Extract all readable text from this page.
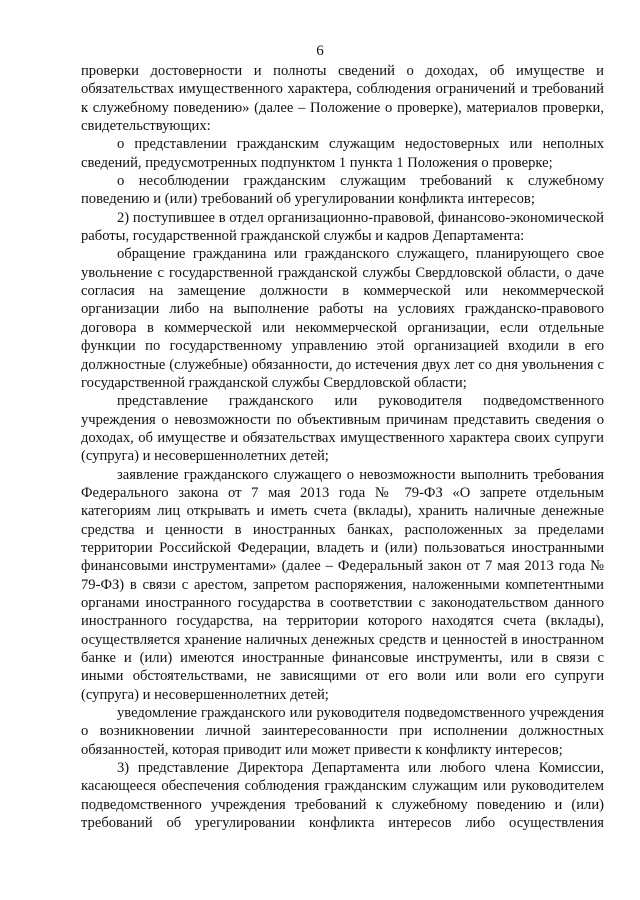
6

проверки достоверности и полноты сведений о доходах, об имуществе и обязательствах имущественного характера, соблюдения ограничений и требований к служебному поведению» (далее – Положение о проверке), материалов проверки, свидетельствующих:

о представлении гражданским служащим недостоверных или неполных сведений, предусмотренных подпунктом 1 пункта 1 Положения о проверке;

о несоблюдении гражданским служащим требований к служебному поведению и (или) требований об урегулировании конфликта интересов;

2) поступившее в отдел организационно-правовой, финансово-экономической работы, государственной гражданской службы и кадров Департамента:

обращение гражданина или гражданского служащего, планирующего свое увольнение с государственной гражданской службы Свердловской области, о даче согласия на замещение должности в коммерческой или некоммерческой организации либо на выполнение работы на условиях гражданско-правового договора в коммерческой или некоммерческой организации, если отдельные функции по государственному управлению этой организацией входили в его должностные (служебные) обязанности, до истечения двух лет со дня увольнения с государственной гражданской службы Свердловской области;

представление гражданского или руководителя подведомственного учреждения о невозможности по объективным причинам представить сведения о доходах, об имуществе и обязательствах имущественного характера своих супруги (супруга) и несовершеннолетних детей;

заявление гражданского служащего о невозможности выполнить требования Федерального закона от 7 мая 2013 года № 79-ФЗ «О запрете отдельным категориям лиц открывать и иметь счета (вклады), хранить наличные денежные средства и ценности в иностранных банках, расположенных за пределами территории Российской Федерации, владеть и (или) пользоваться иностранными финансовыми инструментами» (далее – Федеральный закон от 7 мая 2013 года № 79-ФЗ) в связи с арестом, запретом распоряжения, наложенными компетентными органами иностранного государства в соответствии с законодательством данного иностранного государства, на территории которого находятся счета (вклады), осуществляется хранение наличных денежных средств и ценностей в иностранном банке и (или) имеются иностранные финансовые инструменты, или в связи с иными обстоятельствами, не зависящими от его воли или воли его супруги (супруга) и несовершеннолетних детей;

уведомление гражданского или руководителя подведомственного учреждения о возникновении личной заинтересованности при исполнении должностных обязанностей, которая приводит или может привести к конфликту интересов;

3) представление Директора Департамента или любого члена Комиссии, касающееся обеспечения соблюдения гражданским служащим или руководителем подведомственного учреждения требований к служебному поведению и (или) требований об урегулировании конфликта интересов либо осуществления
